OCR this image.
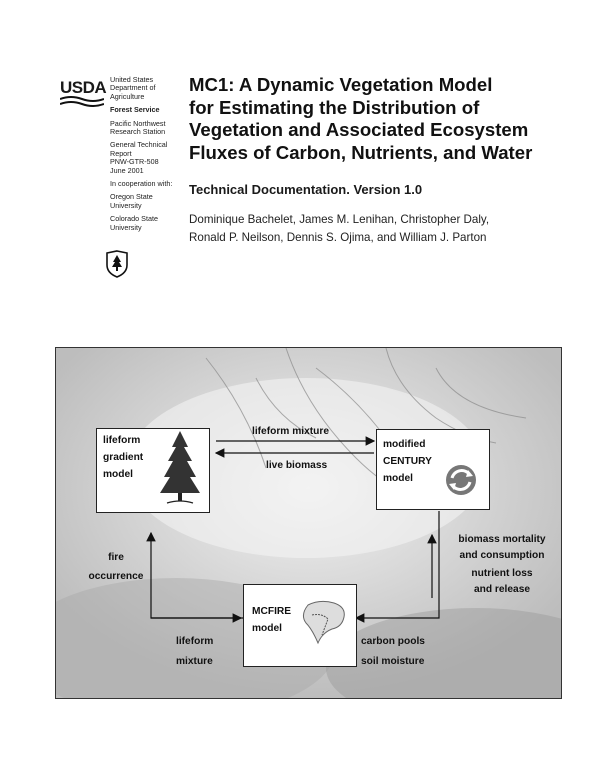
USDA United States Department of Agriculture
Forest Service
Pacific Northwest Research Station
General Technical Report
PNW-GTR-508
June 2001
In cooperation with:
Oregon State University
Colorado State University
MC1: A Dynamic Vegetation Model
for Estimating the Distribution of
Vegetation and Associated Ecosystem
Fluxes of Carbon, Nutrients, and Water
Technical Documentation. Version 1.0
Dominique Bachelet, James M. Lenihan, Christopher Daly,
Ronald P. Neilson, Dennis S. Ojima, and William J. Parton
lifeform
gradient
model
modified
CENTURY
model
MCFIRE
model
lifeform mixture
live biomass
fire
occurrence
lifeform
mixture
carbon pools
soil moisture
biomass mortality
and consumption
nutrient loss
and release
